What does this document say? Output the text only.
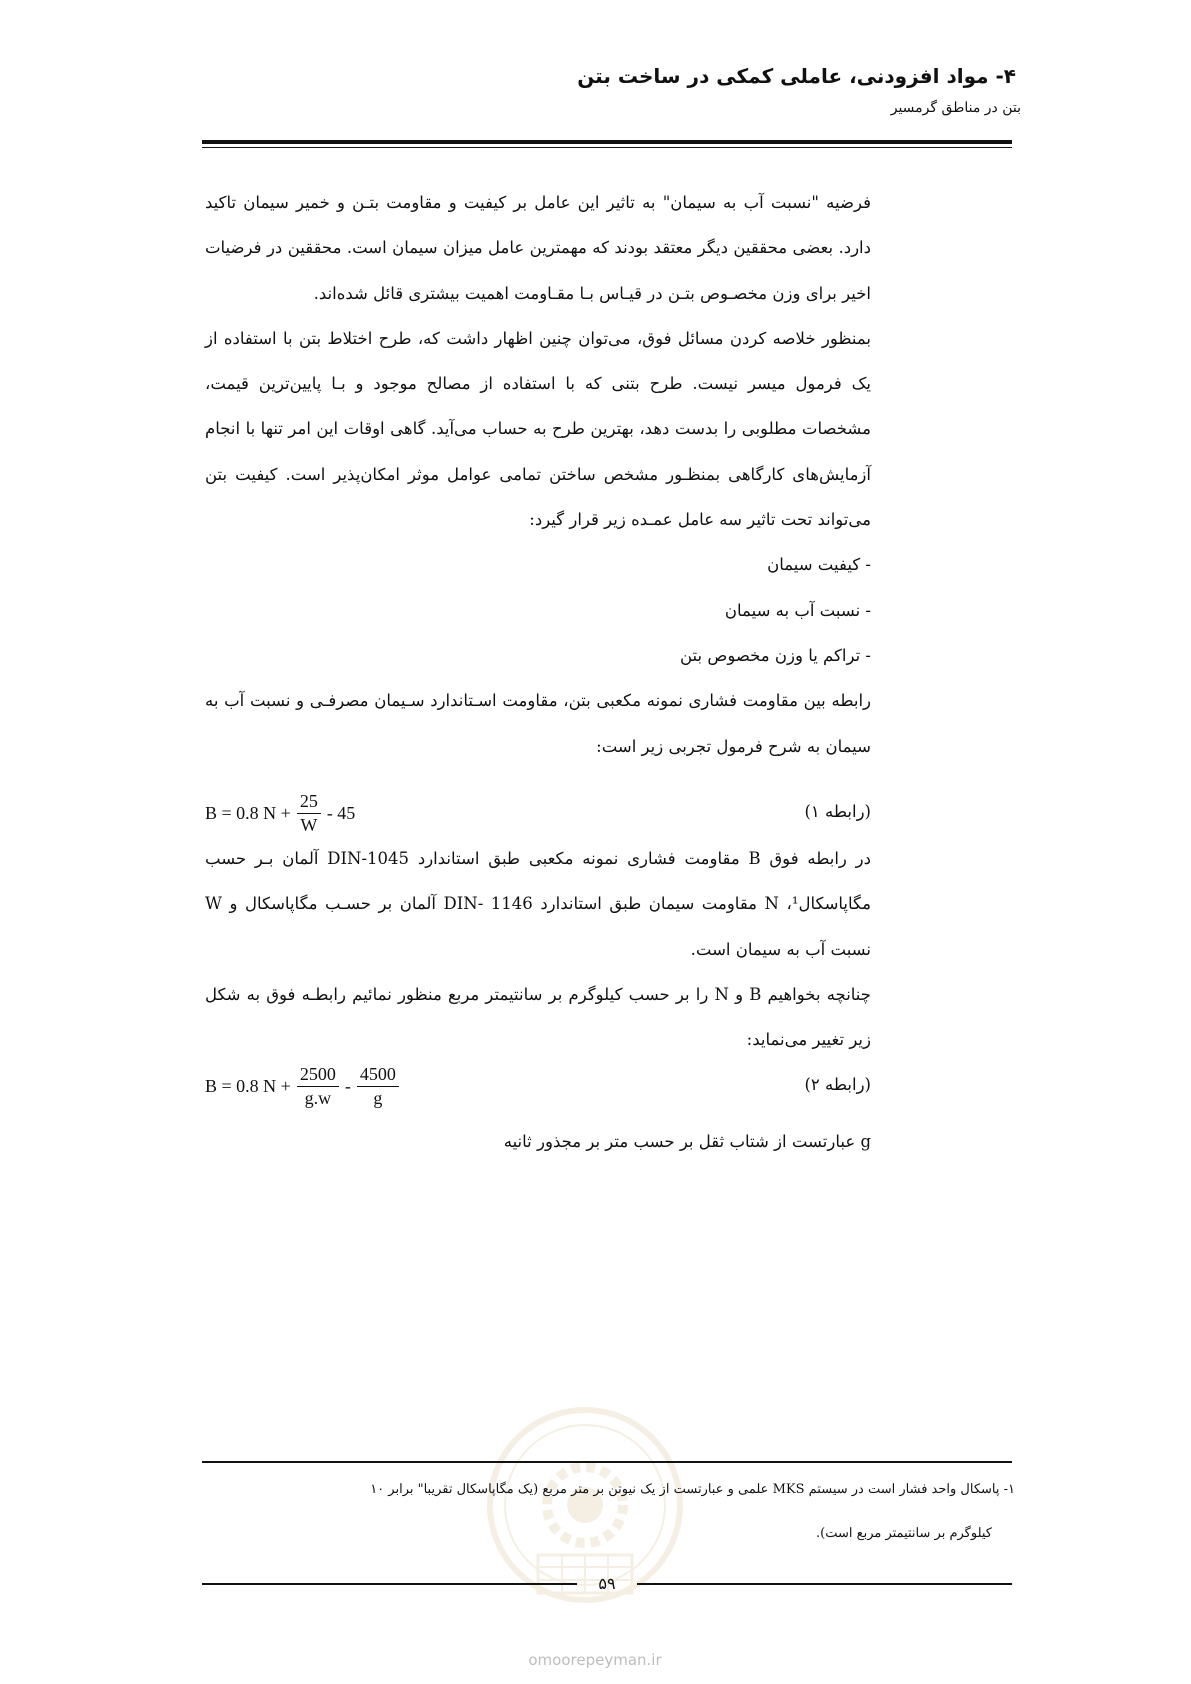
۴- مواد افزودنی، عاملی کمکی در ساخت بتن
بتن در مناطق گرمسیر

فرضیه "نسبت آب به سیمان" به تاثیر این عامل بر کیفیت و مقاومت بتـن و خمیر سیمان تاکید دارد. بعضی محققین دیگر معتقد بودند که مهمترین عامل میزان سیمان است. محققین در فرضیات اخیر برای وزن مخصـوص بتـن در قیـاس بـا مقـاومت اهمیت بیشتری قائل شده‌اند.

بمنظور خلاصه کردن مسائل فوق، می‌توان چنین اظهار داشت که، طرح اختلاط بتن با استفاده از یک فرمول میسر نیست. طرح بتنی که با استفاده از مصالح موجود و بـا پایین‌ترین قیمت، مشخصات مطلوبی را بدست دهد، بهترین طرح به حساب می‌آید. گاهی اوقات این امر تنها با انجام آزمایش‌های کارگاهی بمنظـور مشخص ساختن تمامی عوامل موثر امکان‌پذیر است. کیفیت بتن می‌تواند تحت تاثیر سه عامل عمـده زیر قرار گیرد:

- کیفیت سیمان

- نسبت آب به سیمان

- تراکم یا وزن مخصوص بتن

رابطه بین مقاومت فشاری نمونه مکعبی بتن، مقاومت اسـتاندارد سـیمان مصرفـی و نسبت آب به سیمان به شرح فرمول تجربی زیر است:

(رابطه ۱)
B = 0.8 $N + \frac{25}{W} - 45$

در رابطه فوق B مقاومت فشاری نمونه مکعبی طبق استاندارد DIN-1045 آلمان بـر حسب مگاپاسکال¹، N مقاومت سیمان طبق استاندارد DIN- 1146 آلمان بر حسـب مگاپاسکال و W نسبت آب به سیمان است.

چنانچه بخواهیم B و N را بر حسب کیلوگرم بر سانتیمتر مربع منظور نمائیم رابطـه فوق به شکل زیر تغییر می‌نماید:

(رابطه ۲)
B = 0.8 $N + \frac{2500}{g.w} - \frac{4500}{g}$

g عبارتست از شتاب ثقل بر حسب متر بر مجذور ثانیه

۱- پاسکال واحد فشار است در سیستم MKS علمی و عبارتست از یک نیوتن بر متر مربع (یک مگاپاسکال تقریبا" برابر ۱۰
کیلوگرم بر سانتیمتر مربع است).
۵۹
omoorepeyman.ir
